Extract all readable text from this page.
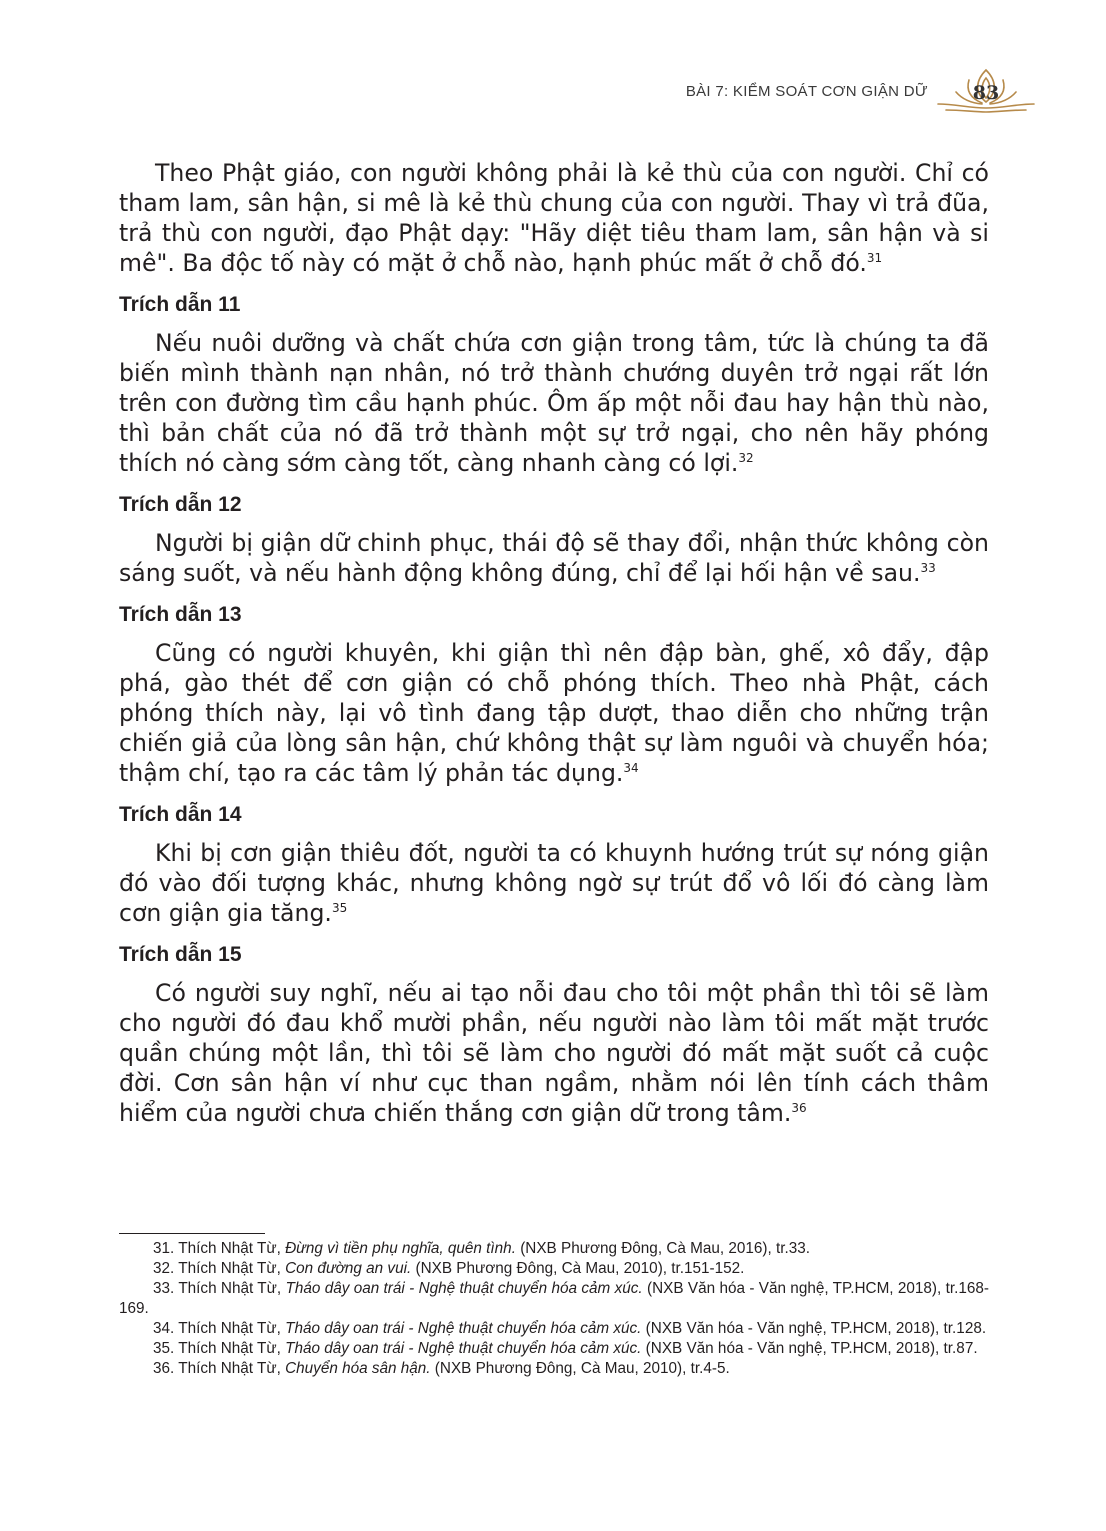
BÀI 7: KIỂM SOÁT CƠN GIẬN DỮ	83

Theo Phật giáo, con người không phải là kẻ thù của con người. Chỉ có tham lam, sân hận, si mê là kẻ thù chung của con người. Thay vì trả đũa, trả thù con người, đạo Phật dạy: "Hãy diệt tiêu tham lam, sân hận và si mê". Ba độc tố này có mặt ở chỗ nào, hạnh phúc mất ở chỗ đó.$^{31}$

Trích dẫn 11

Nếu nuôi dưỡng và chất chứa cơn giận trong tâm, tức là chúng ta đã biến mình thành nạn nhân, nó trở thành chướng duyên trở ngại rất lớn trên con đường tìm cầu hạnh phúc. Ôm ấp một nỗi đau hay hận thù nào, thì bản chất của nó đã trở thành một sự trở ngại, cho nên hãy phóng thích nó càng sớm càng tốt, càng nhanh càng có lợi.$^{32}$

Trích dẫn 12

Người bị giận dữ chinh phục, thái độ sẽ thay đổi, nhận thức không còn sáng suốt, và nếu hành động không đúng, chỉ để lại hối hận về sau.$^{33}$

Trích dẫn 13

Cũng có người khuyên, khi giận thì nên đập bàn, ghế, xô đẩy, đập phá, gào thét để cơn giận có chỗ phóng thích. Theo nhà Phật, cách phóng thích này, lại vô tình đang tập dượt, thao diễn cho những trận chiến giả của lòng sân hận, chứ không thật sự làm nguôi và chuyển hóa; thậm chí, tạo ra các tâm lý phản tác dụng.$^{34}$

Trích dẫn 14

Khi bị cơn giận thiêu đốt, người ta có khuynh hướng trút sự nóng giận đó vào đối tượng khác, nhưng không ngờ sự trút đổ vô lối đó càng làm cơn giận gia tăng.$^{35}$

Trích dẫn 15

Có người suy nghĩ, nếu ai tạo nỗi đau cho tôi một phần thì tôi sẽ làm cho người đó đau khổ mười phần, nếu người nào làm tôi mất mặt trước quần chúng một lần, thì tôi sẽ làm cho người đó mất mặt suốt cả cuộc đời. Cơn sân hận ví như cục than ngầm, nhằm nói lên tính cách thâm hiểm của người chưa chiến thắng cơn giận dữ trong tâm.$^{36}$

31. Thích Nhật Từ, Đừng vì tiền phụ nghĩa, quên tình. (NXB Phương Đông, Cà Mau, 2016), tr.33.

32. Thích Nhật Từ, Con đường an vui. (NXB Phương Đông, Cà Mau, 2010), tr.151-152.

33. Thích Nhật Từ, Tháo dây oan trái - Nghệ thuật chuyển hóa cảm xúc. (NXB Văn hóa - Văn nghệ, TP.HCM, 2018), tr.168-169.

34. Thích Nhật Từ, Tháo dây oan trái - Nghệ thuật chuyển hóa cảm xúc. (NXB Văn hóa - Văn nghệ, TP.HCM, 2018), tr.128.

35. Thích Nhật Từ, Tháo dây oan trái - Nghệ thuật chuyển hóa cảm xúc. (NXB Văn hóa - Văn nghệ, TP.HCM, 2018), tr.87.

36. Thích Nhật Từ, Chuyển hóa sân hận. (NXB Phương Đông, Cà Mau, 2010), tr.4-5.
